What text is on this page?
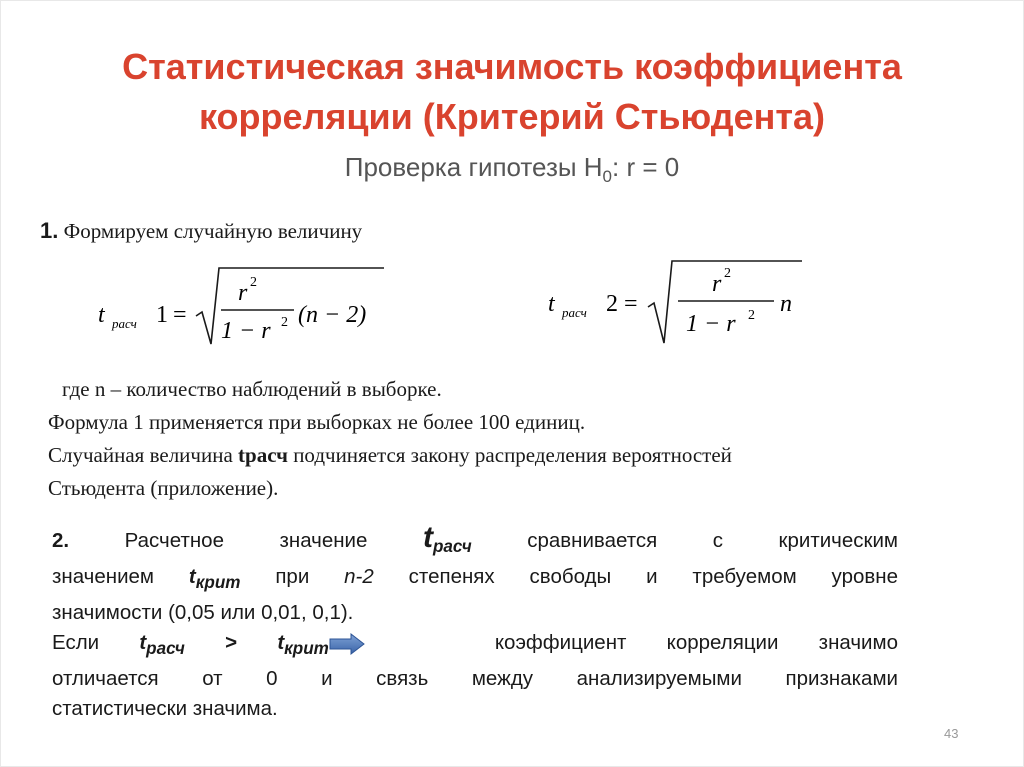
Статистическая значимость коэффициента
корреляции (Критерий Стьюдента)
Проверка гипотезы $H_0$: r = 0
1. Формируем случайную величину
t расч 1 =
r 2
1 − r 2 (n − 2)	t расч 2 =
r 2
1 − r 2 n
где n – количество наблюдений в выборке.
Формула 1 применяется при выборках не более 100 единиц.
Случайная величина tрасч подчиняется закону распределения вероятностей
Стьюдента (приложение).

2.	Расчетное значение $t_{расч}$	сравнивается с критическим

значением $t_{крит}$ при n-2 степенях свободы и требуемом уровне

значимости (0,05 или 0,01, 0,1).

Если $t_{расч} > t_{крит}$	коэффициент корреляции значимо

отличается от 0 и связь между анализируемыми признаками

статистически значима.

43
